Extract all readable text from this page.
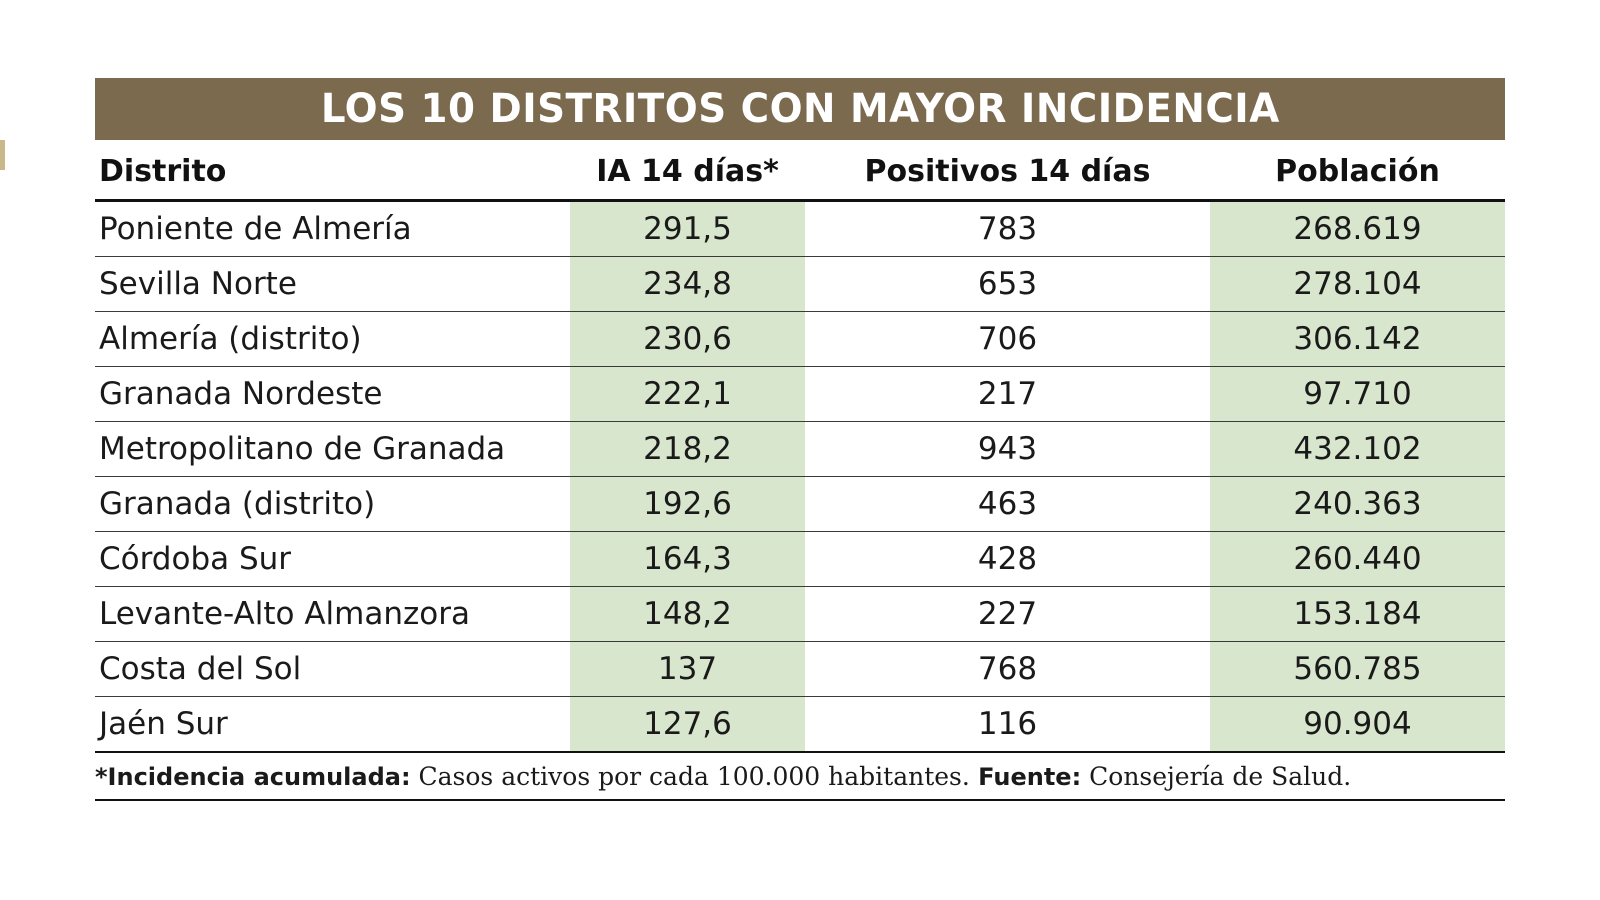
LOS 10 DISTRITOS CON MAYOR INCIDENCIA
Distrito	IA 14 días*	Positivos 14 días	Población
Poniente de Almería	291,5	783	268.619
Sevilla Norte	234,8	653	278.104
Almería (distrito)	230,6	706	306.142
Granada Nordeste	222,1	217	97.710
Metropolitano de Granada	218,2	943	432.102
Granada (distrito)	192,6	463	240.363
Córdoba Sur	164,3	428	260.440
Levante-Alto Almanzora	148,2	227	153.184
Costa del Sol	137	768	560.785
Jaén Sur	127,6	116	90.904
*Incidencia acumulada: Casos activos por cada 100.000 habitantes. Fuente: Consejería de Salud.
